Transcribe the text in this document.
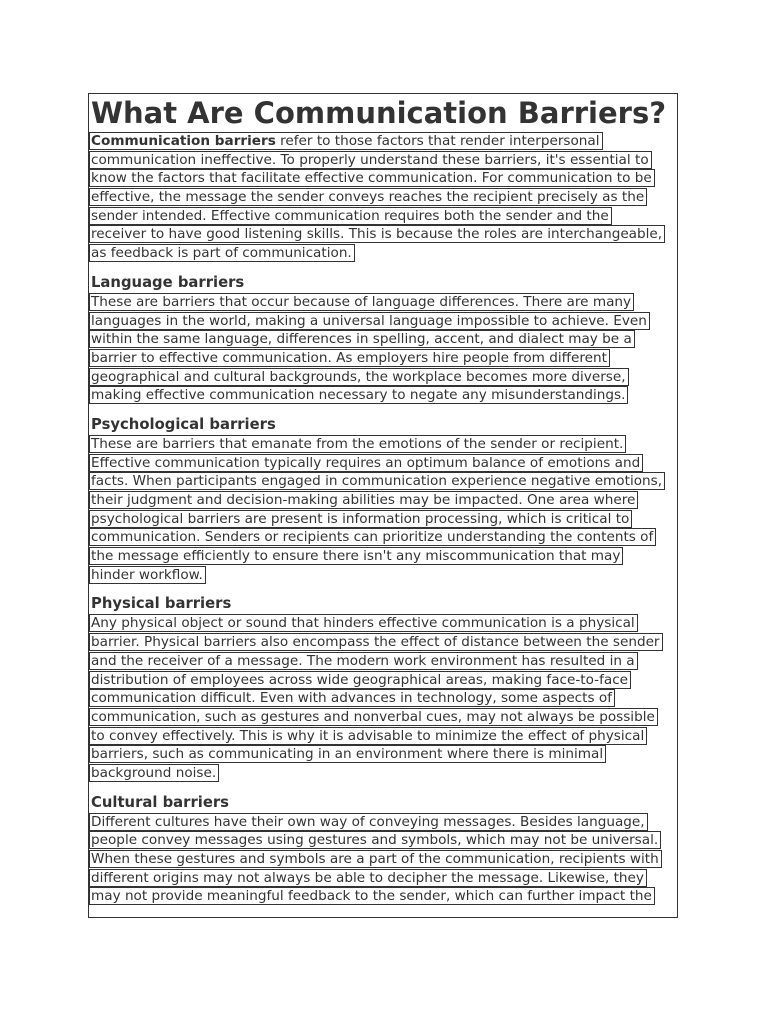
What Are Communication Barriers?
Communication barriers refer to those factors that render interpersonal
communication ineffective. To properly understand these barriers, it's essential to
know the factors that facilitate effective communication. For communication to be
effective, the message the sender conveys reaches the recipient precisely as the
sender intended. Effective communication requires both the sender and the
receiver to have good listening skills. This is because the roles are interchangeable,
as feedback is part of communication.
Language barriers
These are barriers that occur because of language differences. There are many
languages in the world, making a universal language impossible to achieve. Even
within the same language, differences in spelling, accent, and dialect may be a
barrier to effective communication. As employers hire people from different
geographical and cultural backgrounds, the workplace becomes more diverse,
making effective communication necessary to negate any misunderstandings.
Psychological barriers
These are barriers that emanate from the emotions of the sender or recipient.
Effective communication typically requires an optimum balance of emotions and
facts. When participants engaged in communication experience negative emotions,
their judgment and decision-making abilities may be impacted. One area where
psychological barriers are present is information processing, which is critical to
communication. Senders or recipients can prioritize understanding the contents of
the message efficiently to ensure there isn't any miscommunication that may
hinder workflow.
Physical barriers
Any physical object or sound that hinders effective communication is a physical
barrier. Physical barriers also encompass the effect of distance between the sender
and the receiver of a message. The modern work environment has resulted in a
distribution of employees across wide geographical areas, making face-to-face
communication difficult. Even with advances in technology, some aspects of
communication, such as gestures and nonverbal cues, may not always be possible
to convey effectively. This is why it is advisable to minimize the effect of physical
barriers, such as communicating in an environment where there is minimal
background noise.
Cultural barriers
Different cultures have their own way of conveying messages. Besides language,
people convey messages using gestures and symbols, which may not be universal.
When these gestures and symbols are a part of the communication, recipients with
different origins may not always be able to decipher the message. Likewise, they
may not provide meaningful feedback to the sender, which can further impact the
